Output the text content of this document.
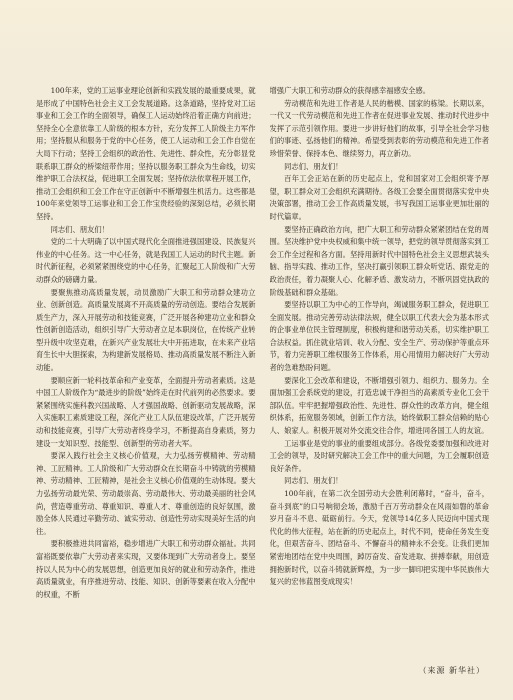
100年来，党的工运事业理论创新和实践发展的最重要成果，就是形成了中国特色社会主义工会发展道路。这条道路，坚持党对工运事业和工会工作的全面领导，确保工人运动始终沿着正确方向前进；坚持全心全意依靠工人阶级的根本方针，充分发挥工人阶级主力军作用；坚持服从和服务于党的中心任务，使工人运动和工会工作自觉在大局下行动；坚持工会组织的政治性、先进性、群众性，充分彰显党联系职工群众的桥梁纽带作用；坚持以服务职工群众为生命线，切实维护职工合法权益，促进职工全面发展；坚持依法依章程开展工作，推动工会组织和工会工作在守正创新中不断增强生机活力。这些都是100年来党领导工运事业和工会工作宝贵经验的深刻总结，必须长期坚持。

同志们、朋友们！

党的二十大明确了以中国式现代化全面推进强国建设、民族复兴伟业的中心任务。这一中心任务，就是我国工人运动的时代主题。新时代新征程，必须紧紧围绕党的中心任务，汇聚起工人阶级和广大劳动群众的磅礴力量。

要聚焦推动高质量发展，动员激励广大职工和劳动群众建功立业、创新创造。高质量发展离不开高质量的劳动创造。要结合发展新质生产力，深入开展劳动和技能竞赛，广泛开展各种建功立业和群众性创新创造活动，组织引导广大劳动者立足本职岗位，在传统产业转型升级中攻坚克难，在新兴产业发展壮大中开拓进取，在未来产业培育生长中大胆探索，为构建新发展格局、推动高质量发展不断注入新动能。

要顺应新一轮科技革命和产业变革，全面提升劳动者素质。这是中国工人阶级作为“最进步的阶级”始终走在时代前列的必然要求。要紧紧围绕实施科教兴国战略、人才强国战略、创新驱动发展战略，深入实施职工素质建设工程，深化产业工人队伍建设改革，广泛开展劳动和技能竞赛，引导广大劳动者终身学习，不断提高自身素质，努力建设一支知识型、技能型、创新型的劳动者大军。

要深入践行社会主义核心价值观，大力弘扬劳模精神、劳动精神、工匠精神。工人阶级和广大劳动群众在长期奋斗中铸就的劳模精神、劳动精神、工匠精神，是社会主义核心价值观的生动体现。要大力弘扬劳动最光荣、劳动最崇高、劳动最伟大、劳动最美丽的社会风尚，营造尊重劳动、尊重知识、尊重人才、尊重创造的良好氛围，激励全体人民通过辛勤劳动、诚实劳动、创造性劳动实现美好生活的向往。

要积极推进共同富裕，稳步增进广大职工和劳动群众福祉。共同富裕既要依靠广大劳动者来实现，又要体现到广大劳动者身上。要坚持以人民为中心的发展思想，创造更加良好的就业和劳动条件，推进高质量就业，有序推进劳动、技能、知识、创新等要素在收入分配中的权重，不断

增强广大职工和劳动群众的获得感幸福感安全感。

劳动模范和先进工作者是人民的楷模、国家的栋梁。长期以来，一代又一代劳动模范和先进工作者在促进事业发展、推动时代进步中发挥了示范引领作用。要进一步讲好他们的故事，引导全社会学习他们的事迹、弘扬他们的精神。希望受到表彰的劳动模范和先进工作者珍惜荣誉、保持本色、继续努力，再立新功。

同志们、朋友们！

百年工会正站在新的历史起点上，党和国家对工会组织寄予厚望，职工群众对工会组织充满期待。各级工会要全面贯彻落实党中央决策部署，推动工会工作高质量发展，书写我国工运事业更加壮丽的时代篇章。

要坚持正确政治方向，把广大职工和劳动群众紧紧团结在党的周围。坚决维护党中央权威和集中统一领导，把党的领导贯彻落实到工会工作全过程和各方面。坚持用新时代中国特色社会主义思想武装头脑、指导实践、推动工作，坚决打赢引领职工群众听党话、跟党走的政治责任，着力凝聚人心、化解矛盾、激发动力，不断巩固党执政的阶级基础和群众基础。

要坚持以职工为中心的工作导向，竭诚服务职工群众，促进职工全面发展。推动完善劳动法律法规，健全以职工代表大会为基本形式的企事业单位民主管理制度，积极构建和谐劳动关系，切实维护职工合法权益。抓住就业培训、收入分配、安全生产、劳动保护等重点环节，着力完善职工维权服务工作体系，用心用情用力解决好广大劳动者的急难愁盼问题。

要深化工会改革和建设，不断增强引领力、组织力、服务力。全面加强工会系统党的建设，打造忠诚干净担当的高素质专业化工会干部队伍。牢牢把握增强政治性、先进性、群众性的改革方向，健全组织体系，拓宽服务领域，创新工作方法，始终做职工群众信赖的贴心人、娘家人。积极开展对外交流交往合作，增进同各国工人的友谊。

工运事业是党的事业的重要组成部分。各级党委要加强和改进对工会的领导，及时研究解决工会工作中的重大问题，为工会履职创造良好条件。

同志们、朋友们！

100年前，在第二次全国劳动大会胜利闭幕时，“奋斗，奋斗，奋斗到底”的口号响彻会场，激励千百万劳动群众在风雨如磐的革命岁月奋斗不息、砥砺前行。今天，党领导14亿多人民迈向中国式现代化的伟大征程，站在新的历史起点上，时代不同，使命任务发生变化，但艰苦奋斗、团结奋斗、不懈奋斗的精神永不会变。让我们更加紧密地团结在党中央周围，踔厉奋发、奋发进取、拼搏奉献，用创造拥抱新时代，以奋斗铸就新辉煌，为一步一脚印把实现中华民族伟大复兴的宏伟蓝图变成现实！

（来源 新华社）
